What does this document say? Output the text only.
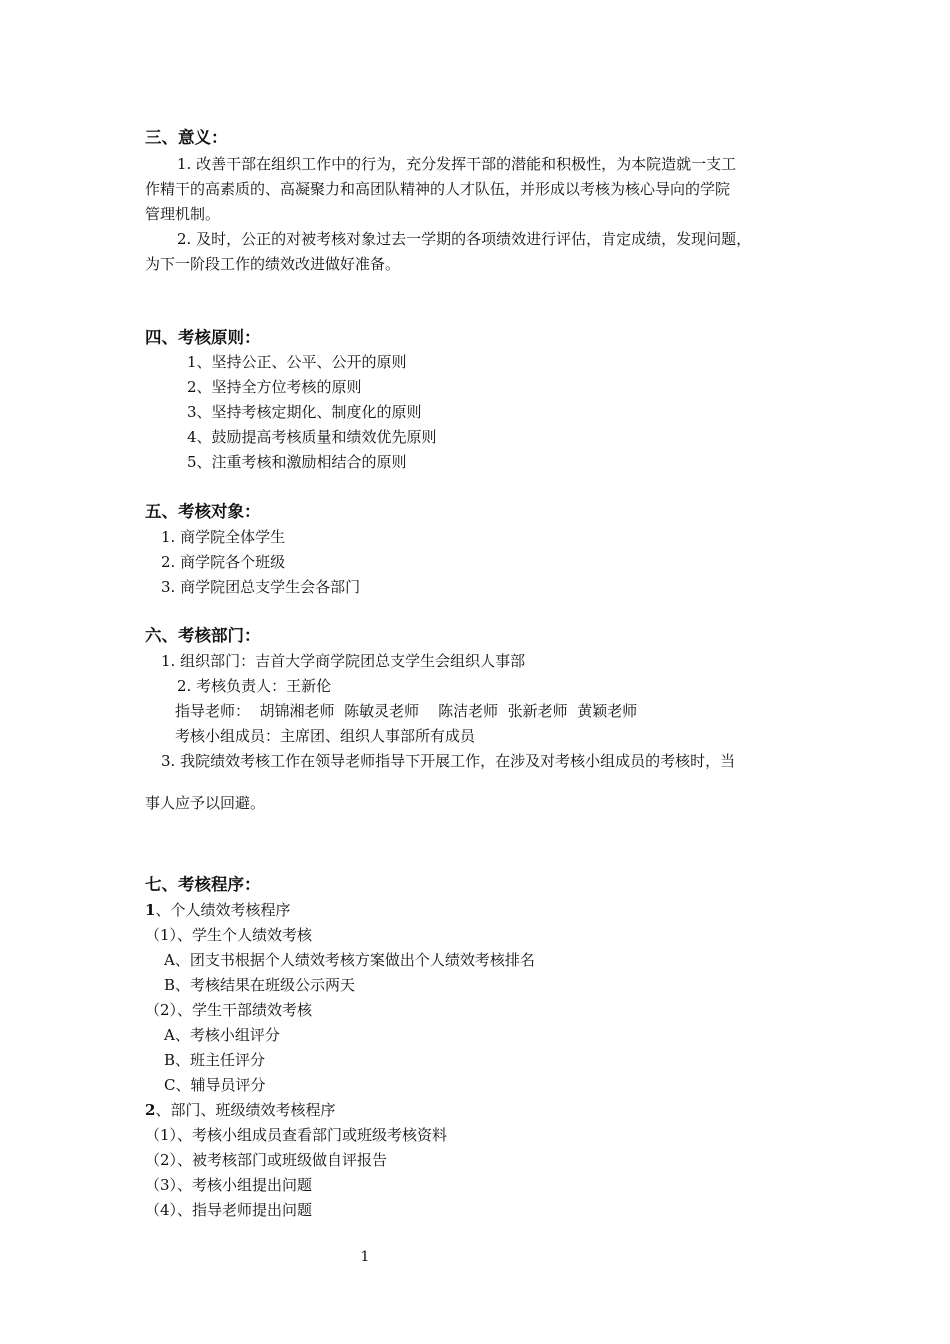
三、意义：
1. 改善干部在组织工作中的行为，充分发挥干部的潜能和积极性，为本院造就一支工
作精干的高素质的、高凝聚力和高团队精神的人才队伍，并形成以考核为核心导向的学院
管理机制。
2. 及时，公正的对被考核对象过去一学期的各项绩效进行评估，肯定成绩，发现问题，
为下一阶段工作的绩效改进做好准备。
四、考核原则：
1、坚持公正、公平、公开的原则
2、坚持全方位考核的原则
3、坚持考核定期化、制度化的原则
4、鼓励提高考核质量和绩效优先原则
5、注重考核和激励相结合的原则
五、考核对象：
1. 商学院全体学生
2. 商学院各个班级
3. 商学院团总支学生会各部门
六、考核部门：
1. 组织部门：吉首大学商学院团总支学生会组织人事部
2. 考核负责人：王新伦
指导老师：  胡锦湘老师  陈敏灵老师    陈洁老师  张新老师  黄颖老师
考核小组成员：主席团、组织人事部所有成员
3. 我院绩效考核工作在领导老师指导下开展工作，在涉及对考核小组成员的考核时，当
事人应予以回避。
七、考核程序：
1、个人绩效考核程序
（1）、学生个人绩效考核
A、团支书根据个人绩效考核方案做出个人绩效考核排名
B、考核结果在班级公示两天
（2）、学生干部绩效考核
A、考核小组评分
B、班主任评分
C、辅导员评分
2、部门、班级绩效考核程序
（1）、考核小组成员查看部门或班级考核资料
（2）、被考核部门或班级做自评报告
（3）、考核小组提出问题
（4）、指导老师提出问题
1
